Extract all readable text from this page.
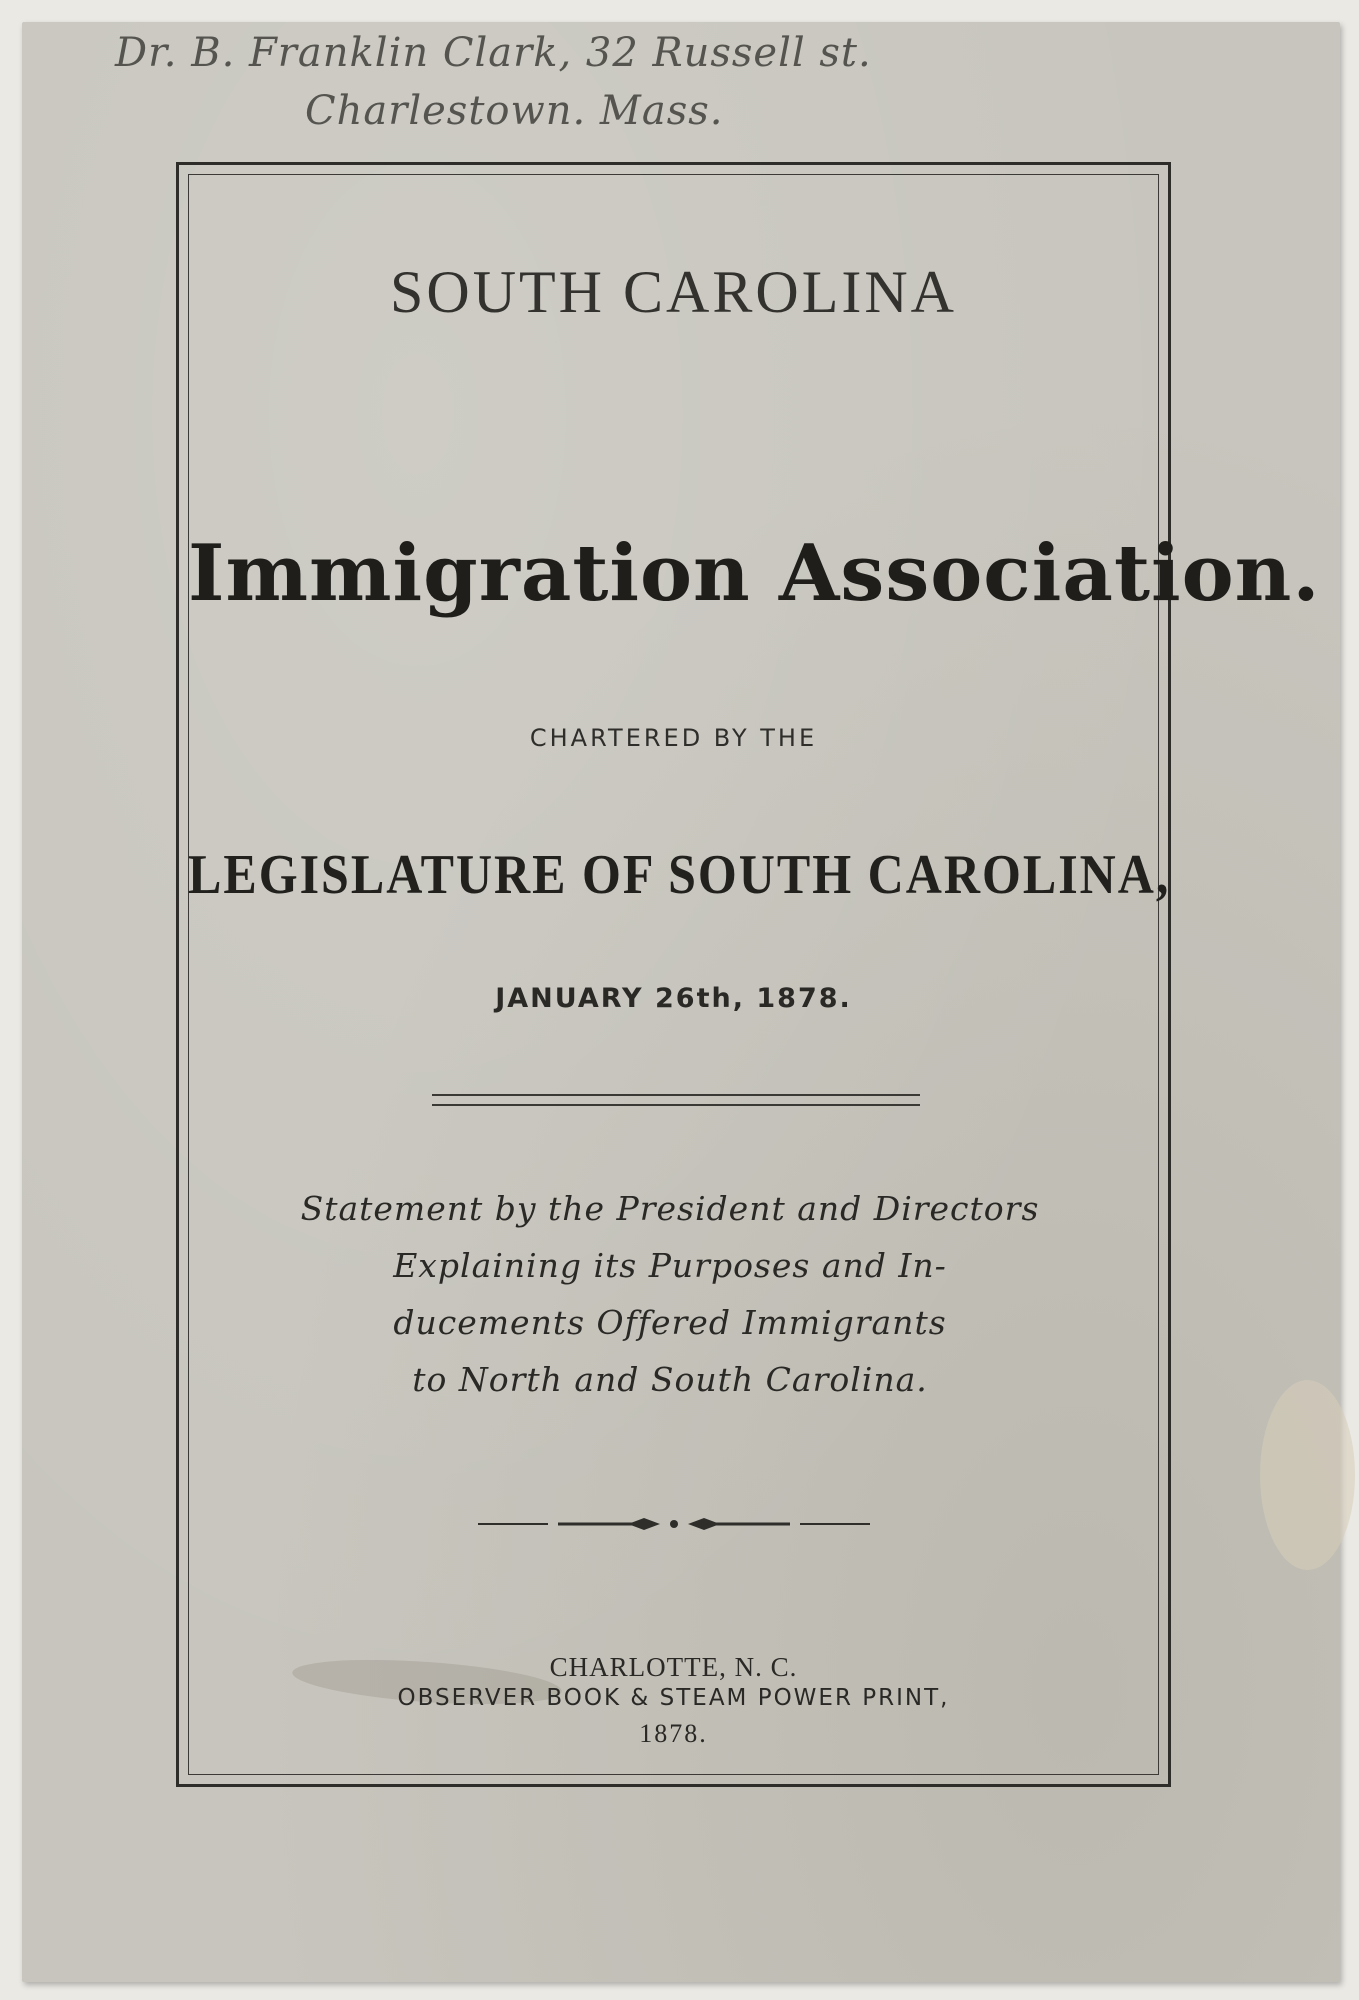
Dr. B. Franklin Clark, 32 Russell st.
Charlestown. Mass.
SOUTH CAROLINA
Immigration Association.
CHARTERED BY THE
LEGISLATURE OF SOUTH CAROLINA,
JANUARY 26th, 1878.
Statement by the President and Directors
Explaining its Purposes and In-
ducements Offered Immigrants
to North and South Carolina.
CHARLOTTE, N. C.
OBSERVER BOOK & STEAM POWER PRINT,
1878.
